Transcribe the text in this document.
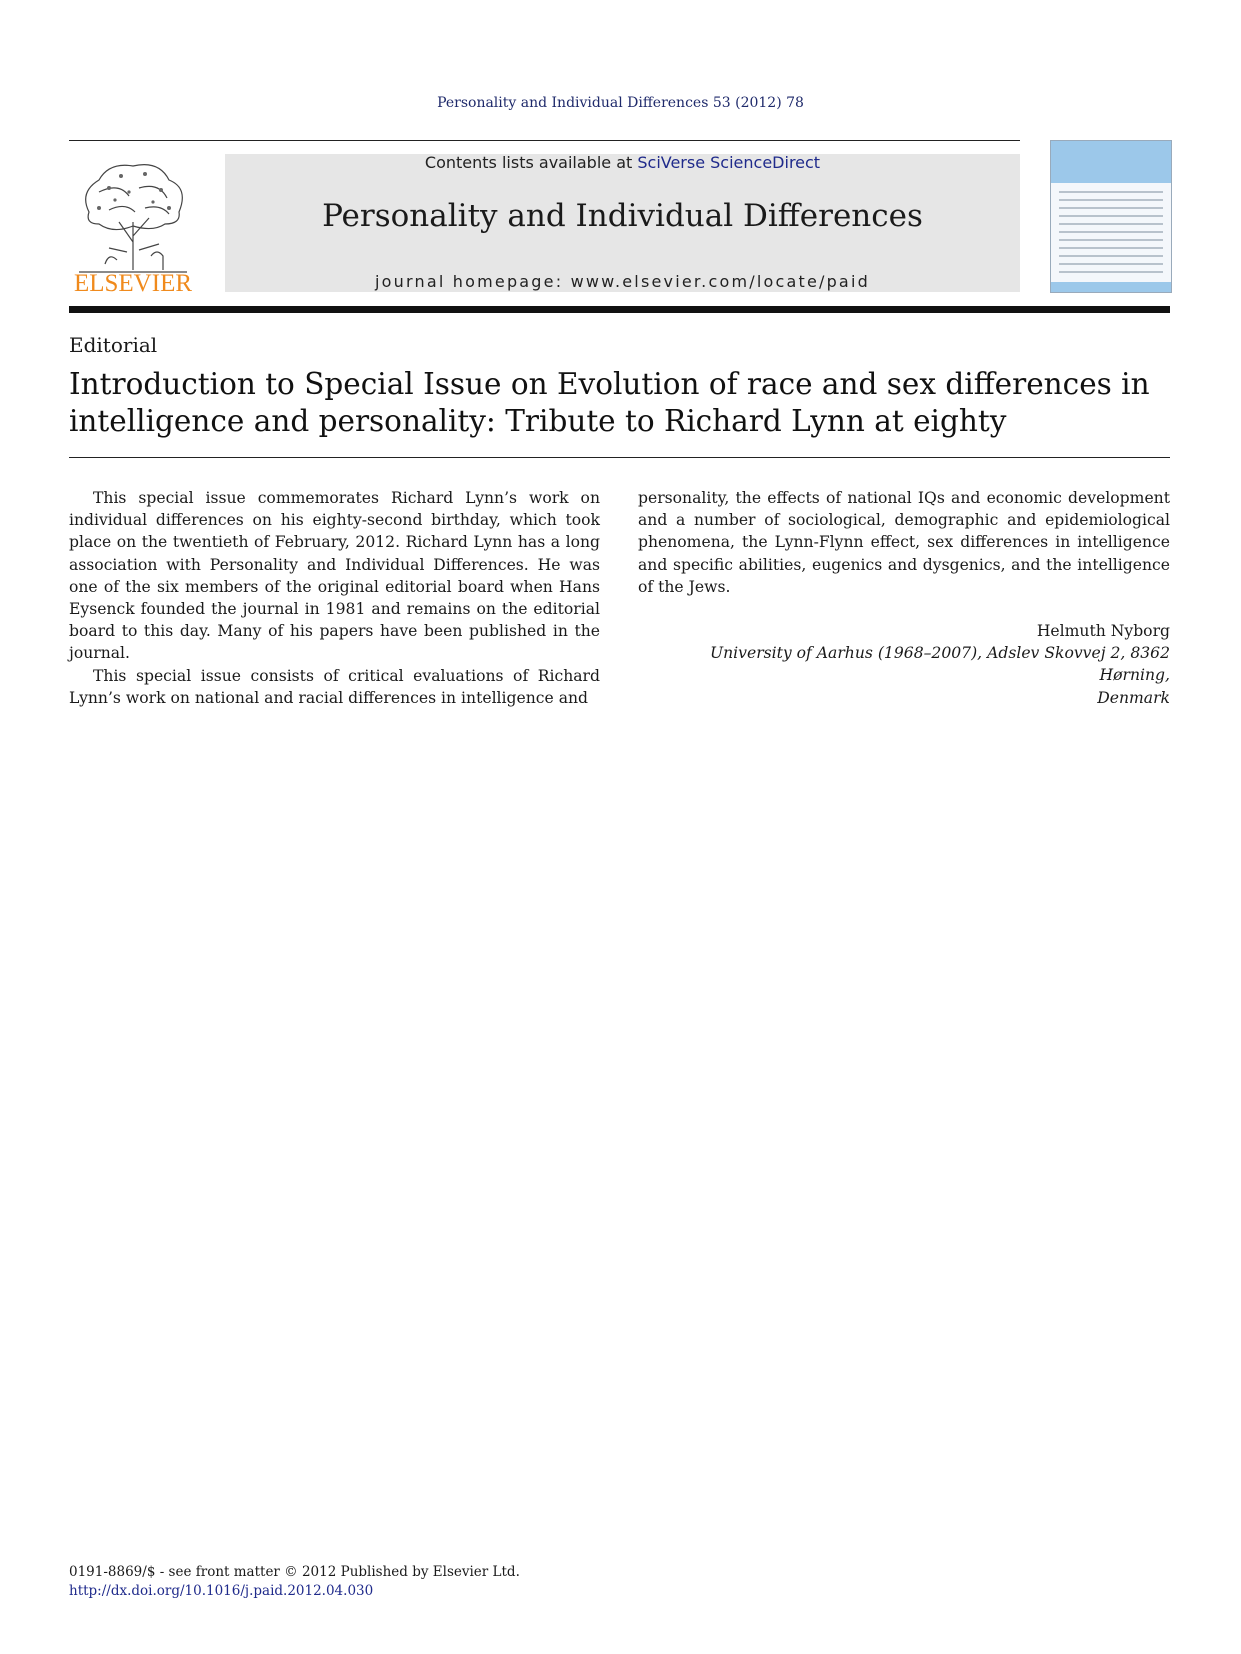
Personality and Individual Differences 53 (2012) 78
ELSEVIER
Contents lists available at SciVerse ScienceDirect
Personality and Individual Differences
journal homepage: www.elsevier.com/locate/paid
Editorial
Introduction to Special Issue on Evolution of race and sex differences in intelligence and personality: Tribute to Richard Lynn at eighty

This special issue commemorates Richard Lynn’s work on individual differences on his eighty-second birthday, which took place on the twentieth of February, 2012. Richard Lynn has a long association with Personality and Individual Differences. He was one of the six members of the original editorial board when Hans Eysenck founded the journal in 1981 and remains on the editorial board to this day. Many of his papers have been published in the journal.

This special issue consists of critical evaluations of Richard Lynn’s work on national and racial differences in intelligence and

personality, the effects of national IQs and economic development and a number of sociological, demographic and epidemiological phenomena, the Lynn-Flynn effect, sex differences in intelligence and specific abilities, eugenics and dysgenics, and the intelligence of the Jews.

Helmuth Nyborg
University of Aarhus (1968–2007), Adslev Skovvej 2, 8362 Hørning,
Denmark
0191-8869/$ - see front matter © 2012 Published by Elsevier Ltd.
http://dx.doi.org/10.1016/j.paid.2012.04.030
